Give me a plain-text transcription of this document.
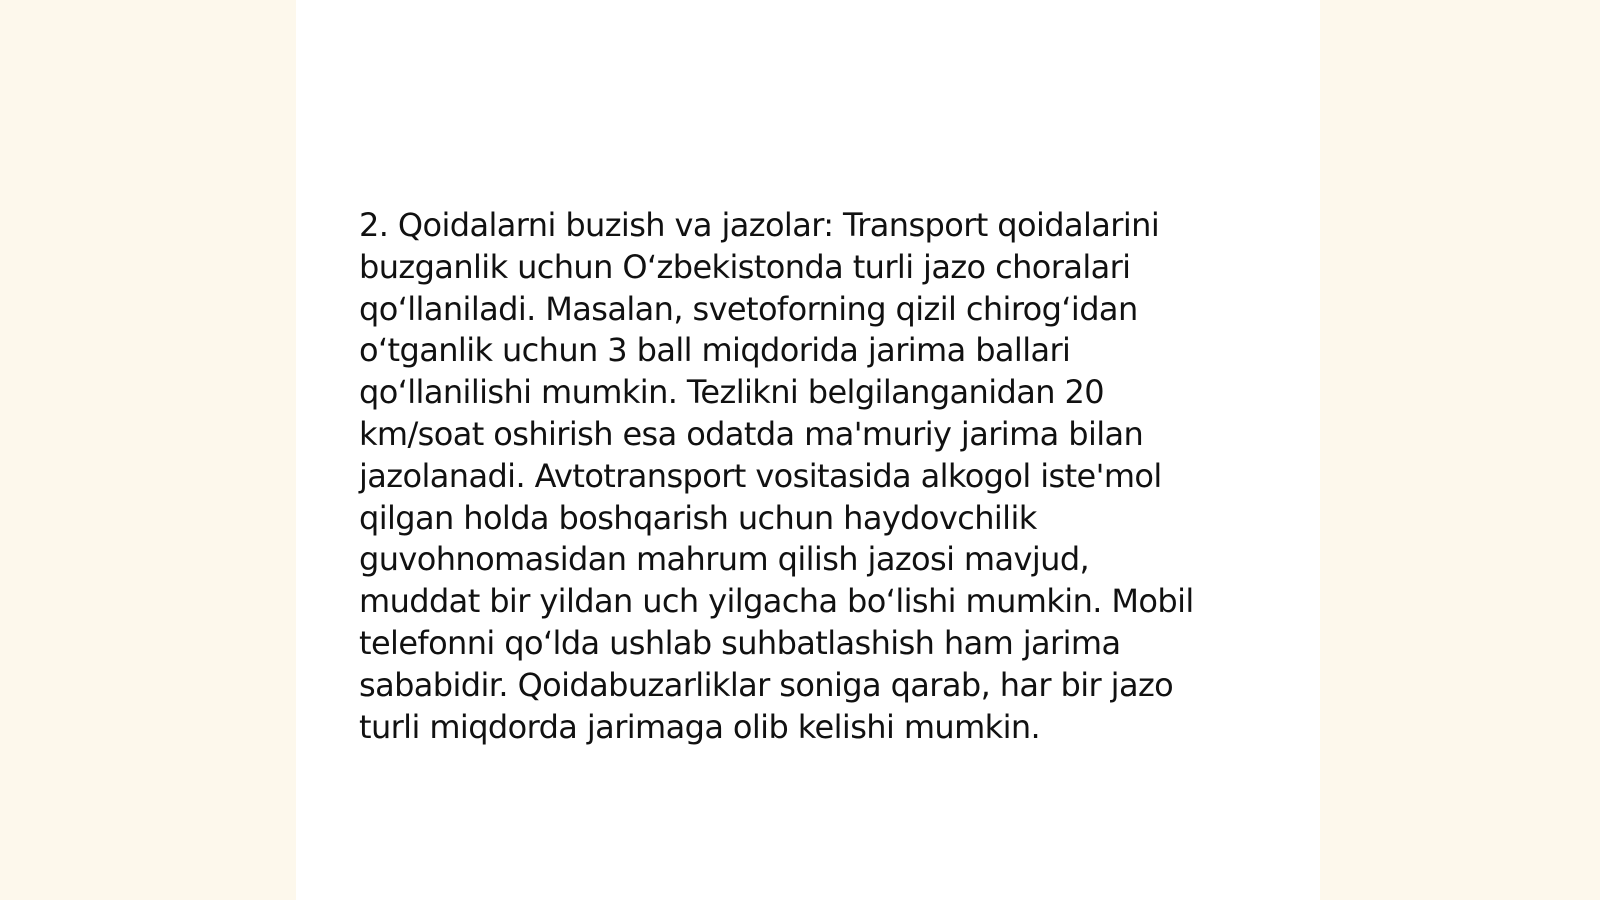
2. Qoidalarni buzish va jazolar: Transport qoidalarini
buzganlik uchun O‘zbekistonda turli jazo choralari
qo‘llaniladi. Masalan, svetoforning qizil chirog‘idan
o‘tganlik uchun 3 ball miqdorida jarima ballari
qo‘llanilishi mumkin. Tezlikni belgilanganidan 20
km/soat oshirish esa odatda ma'muriy jarima bilan
jazolanadi. Avtotransport vositasida alkogol iste'mol
qilgan holda boshqarish uchun haydovchilik
guvohnomasidan mahrum qilish jazosi mavjud,
muddat bir yildan uch yilgacha bo‘lishi mumkin. Mobil
telefonni qo‘lda ushlab suhbatlashish ham jarima
sababidir. Qoidabuzarliklar soniga qarab, har bir jazo
turli miqdorda jarimaga olib kelishi mumkin.
